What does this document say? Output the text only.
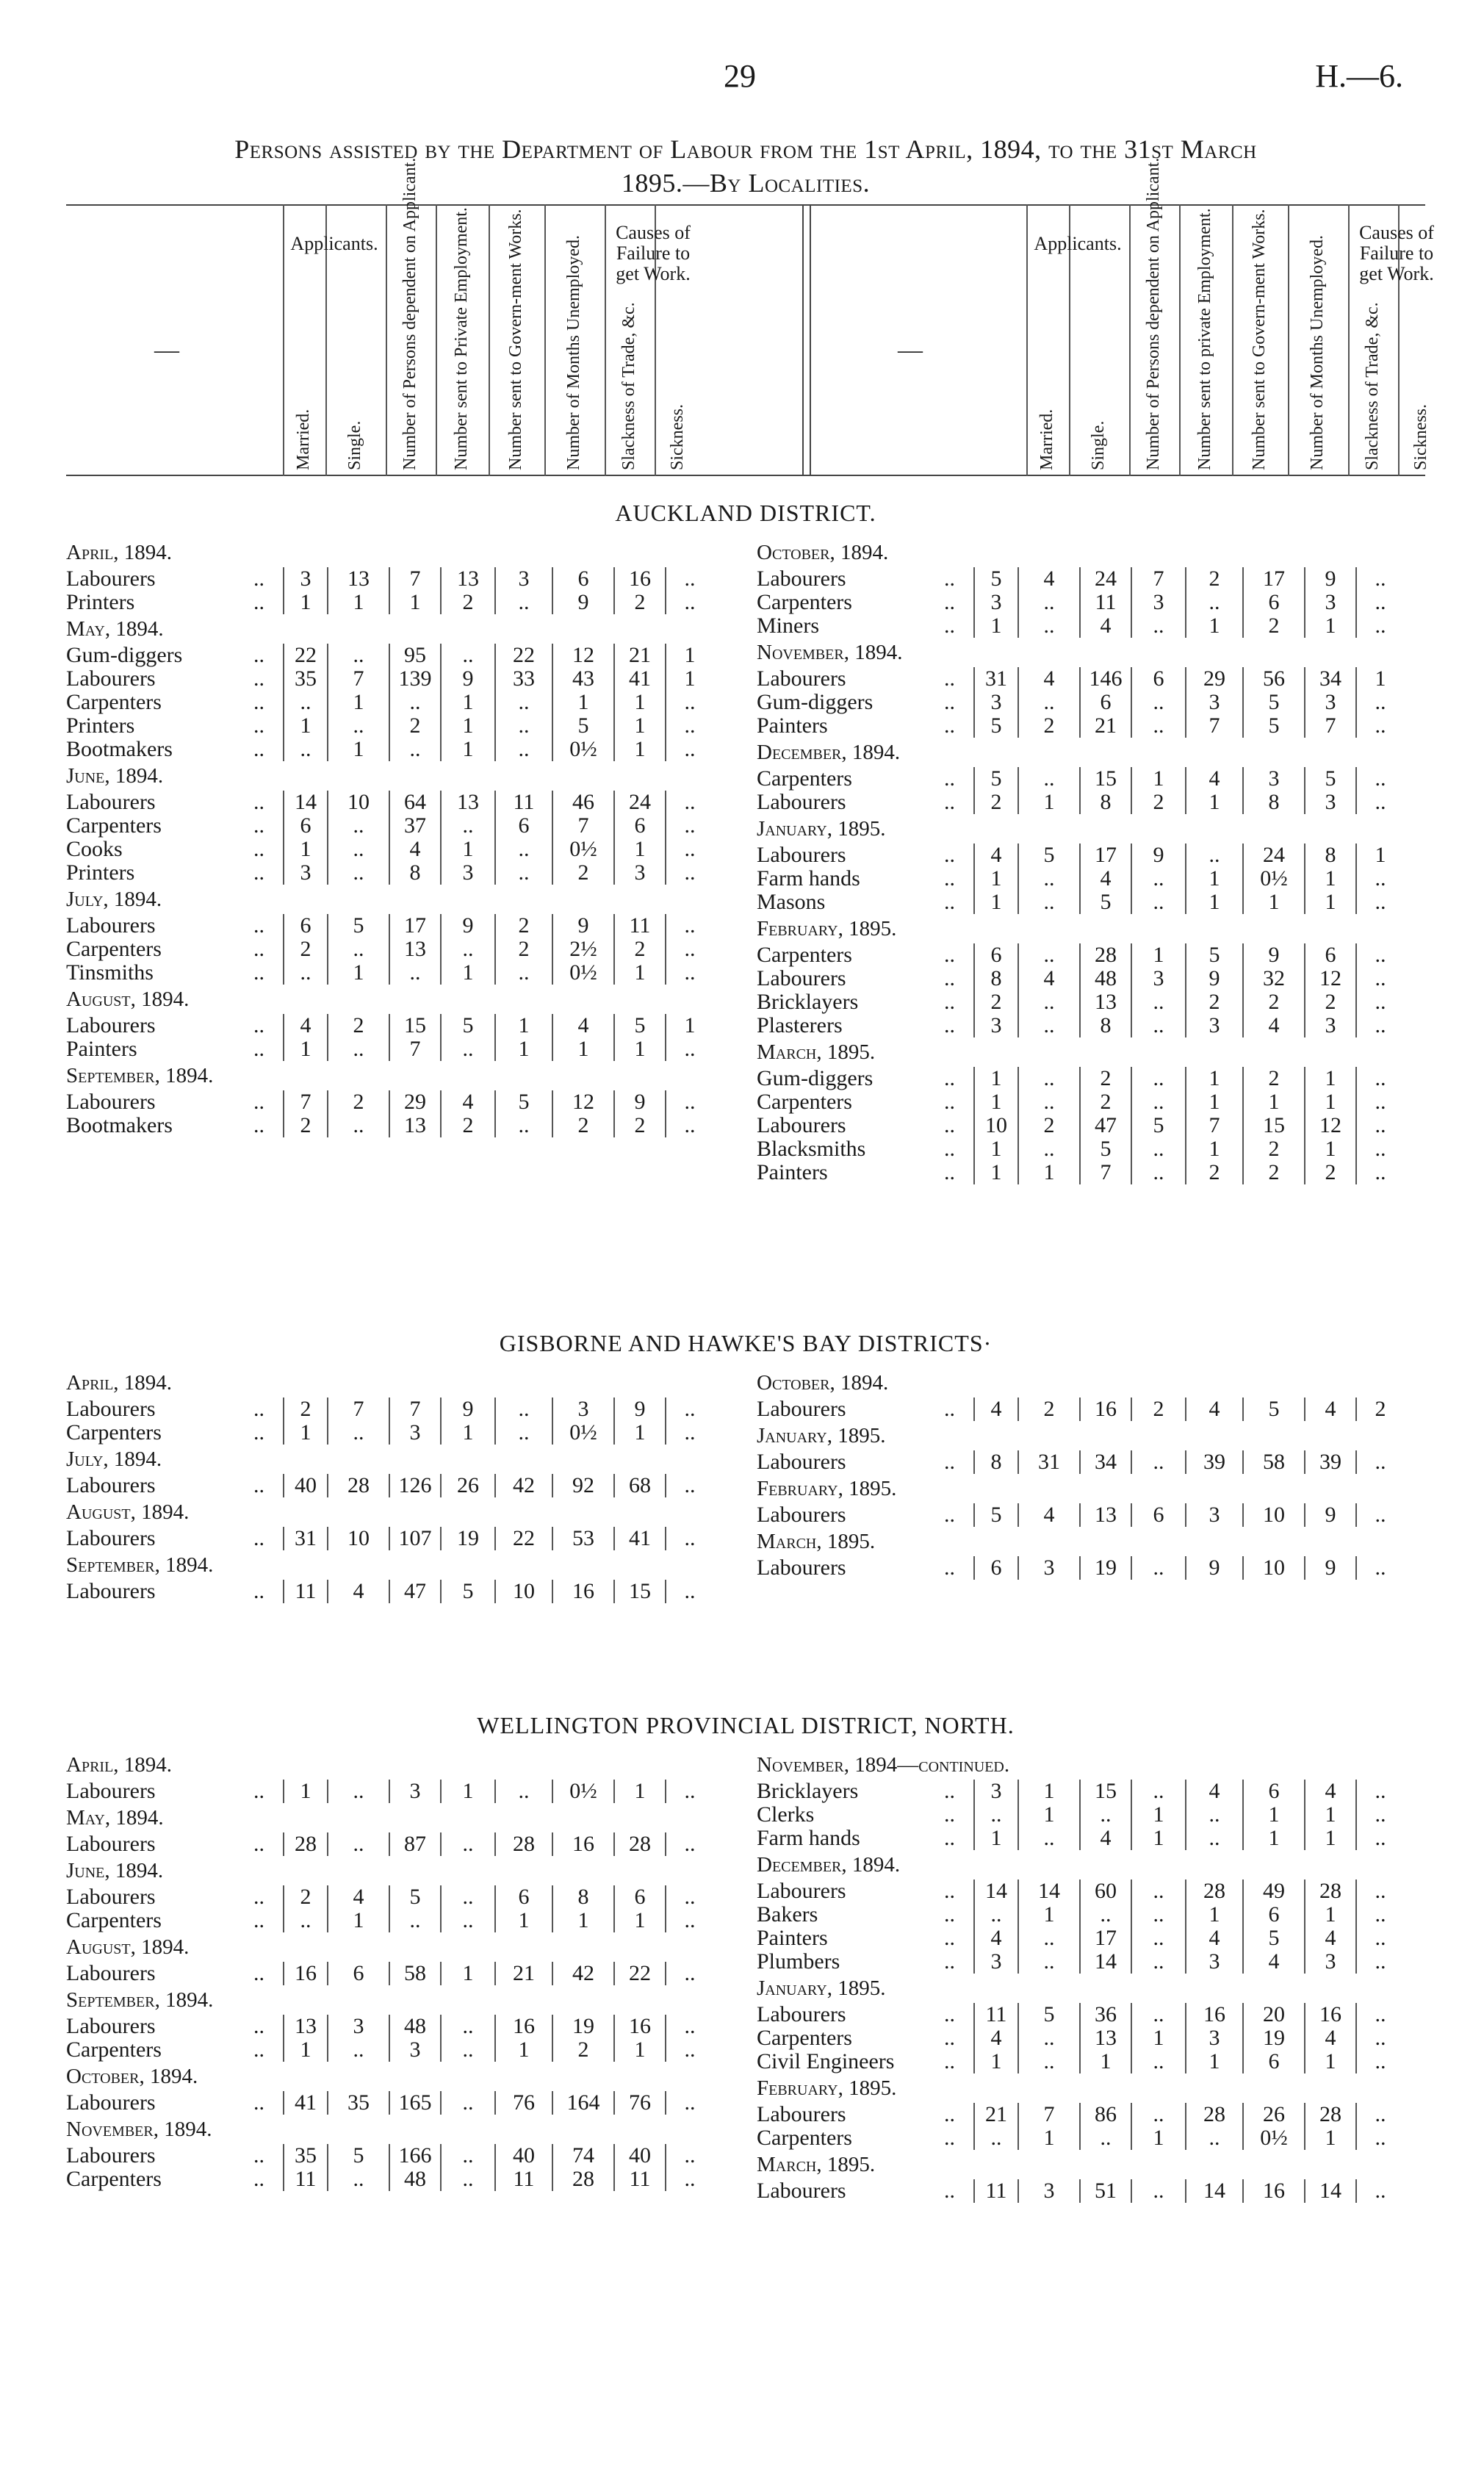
29	H.—6.
Persons assisted by the Department of Labour from the 1st April, 1894, to the 31st March
1895.—By Localities.
—
Married. Single. Number of Persons dependent on Applicant. Number sent to Private Employment. Number sent to Govern-ment Works. Number of Months Unemployed. Slackness of Trade, &c. Sickness.
Applicants.
Causes of Failure to get Work.
—
Married. Single. Number of Persons dependent on Applicant. Number sent to private Employment. Number sent to Govern-ment Works. Number of Months Unemployed. Slackness of Trade, &c. Sickness.
Applicants.
Causes of Failure to get Work.
AUCKLAND DISTRICT.
April, 1894.
Labourers	..	3	13	7	13	3	6	16	..
Printers	..	1	1	1	2	..	9	2	..
May, 1894.
Gum-diggers	..	22	..	95	..	22	12	21	1
Labourers	..	35	7	139	9	33	43	41	1
Carpenters	..	..	1	..	1	..	1	1	..
Printers	..	1	..	2	1	..	5	1	..
Bootmakers	..	..	1	..	1	..	0½	1	..
June, 1894.
Labourers	..	14	10	64	13	11	46	24	..
Carpenters	..	6	..	37	..	6	7	6	..
Cooks	..	1	..	4	1	..	0½	1	..
Printers	..	3	..	8	3	..	2	3	..
July, 1894.
Labourers	..	6	5	17	9	2	9	11	..
Carpenters	..	2	..	13	..	2	2½	2	..
Tinsmiths	..	..	1	..	1	..	0½	1	..
August, 1894.
Labourers	..	4	2	15	5	1	4	5	1
Painters	..	1	..	7	..	1	1	1	..
September, 1894.
Labourers	..	7	2	29	4	5	12	9	..
Bootmakers	..	2	..	13	2	..	2	2	..
October, 1894.
Labourers	..	5	4	24	7	2	17	9	..
Carpenters	..	3	..	11	3	..	6	3	..
Miners	..	1	..	4	..	1	2	1	..
November, 1894.
Labourers	..	31	4	146	6	29	56	34	1
Gum-diggers	..	3	..	6	..	3	5	3	..
Painters	..	5	2	21	..	7	5	7	..
December, 1894.
Carpenters	..	5	..	15	1	4	3	5	..
Labourers	..	2	1	8	2	1	8	3	..
January, 1895.
Labourers	..	4	5	17	9	..	24	8	1
Farm hands	..	1	..	4	..	1	0½	1	..
Masons	..	1	..	5	..	1	1	1	..
February, 1895.
Carpenters	..	6	..	28	1	5	9	6	..
Labourers	..	8	4	48	3	9	32	12	..
Bricklayers	..	2	..	13	..	2	2	2	..
Plasterers	..	3	..	8	..	3	4	3	..
March, 1895.
Gum-diggers	..	1	..	2	..	1	2	1	..
Carpenters	..	1	..	2	..	1	1	1	..
Labourers	..	10	2	47	5	7	15	12	..
Blacksmiths	..	1	..	5	..	1	2	1	..
Painters	..	1	1	7	..	2	2	2	..
GISBORNE AND HAWKE'S BAY DISTRICTS·
April, 1894.
Labourers	..	2	7	7	9	..	3	9	..
Carpenters	..	1	..	3	1	..	0½	1	..
July, 1894.
Labourers	..	40	28	126	26	42	92	68	..
August, 1894.
Labourers	..	31	10	107	19	22	53	41	..
September, 1894.
Labourers	..	11	4	47	5	10	16	15	..
October, 1894.
Labourers	..	4	2	16	2	4	5	4	2
January, 1895.
Labourers	..	8	31	34	..	39	58	39	..
February, 1895.
Labourers	..	5	4	13	6	3	10	9	..
March, 1895.
Labourers	..	6	3	19	..	9	10	9	..
WELLINGTON PROVINCIAL DISTRICT, NORTH.
April, 1894.
Labourers	..	1	..	3	1	..	0½	1	..
May, 1894.
Labourers	..	28	..	87	..	28	16	28	..
June, 1894.
Labourers	..	2	4	5	..	6	8	6	..
Carpenters	..	..	1	..	..	1	1	1	..
August, 1894.
Labourers	..	16	6	58	1	21	42	22	..
September, 1894.
Labourers	..	13	3	48	..	16	19	16	..
Carpenters	..	1	..	3	..	1	2	1	..
October, 1894.
Labourers	..	41	35	165	..	76	164	76	..
November, 1894.
Labourers	..	35	5	166	..	40	74	40	..
Carpenters	..	11	..	48	..	11	28	11	..
November, 1894—continued.
Bricklayers	..	3	1	15	..	4	6	4	..
Clerks	..	..	1	..	1	..	1	1	..
Farm hands	..	1	..	4	1	..	1	1	..
December, 1894.
Labourers	..	14	14	60	..	28	49	28	..
Bakers	..	..	1	..	..	1	6	1	..
Painters	..	4	..	17	..	4	5	4	..
Plumbers	..	3	..	14	..	3	4	3	..
January, 1895.
Labourers	..	11	5	36	..	16	20	16	..
Carpenters	..	4	..	13	1	3	19	4	..
Civil Engineers	..	1	..	1	..	1	6	1	..
February, 1895.
Labourers	..	21	7	86	..	28	26	28	..
Carpenters	..	..	1	..	1	..	0½	1	..
March, 1895.
Labourers	..	11	3	51	..	14	16	14	..
